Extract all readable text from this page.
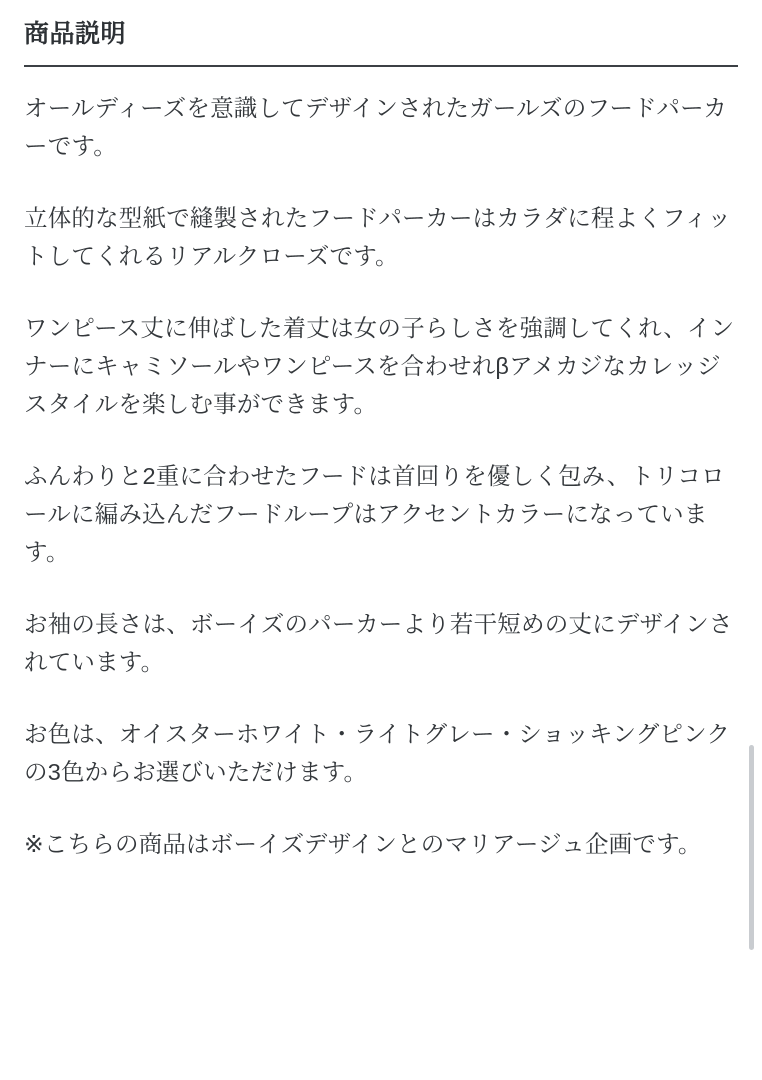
商品説明

オールディーズを意識してデザインされたガールズのフードパーカーです。

立体的な型紙で縫製されたフードパーカーはカラダに程よくフィットしてくれるリアルクローズです。

ワンピース丈に伸ばした着丈は女の子らしさを強調してくれ、インナーにキャミソールやワンピースを合わせれβアメカジなカレッジスタイルを楽しむ事ができます。

ふんわりと2重に合わせたフードは首回りを優しく包み、トリコロールに編み込んだフードループはアクセントカラーになっています。

お袖の長さは、ボーイズのパーカーより若干短めの丈にデザインされています。

お色は、オイスターホワイト・ライトグレー・ショッキングピンクの3色からお選びいただけます。

※こちらの商品はボーイズデザインとのマリアージュ企画です。
